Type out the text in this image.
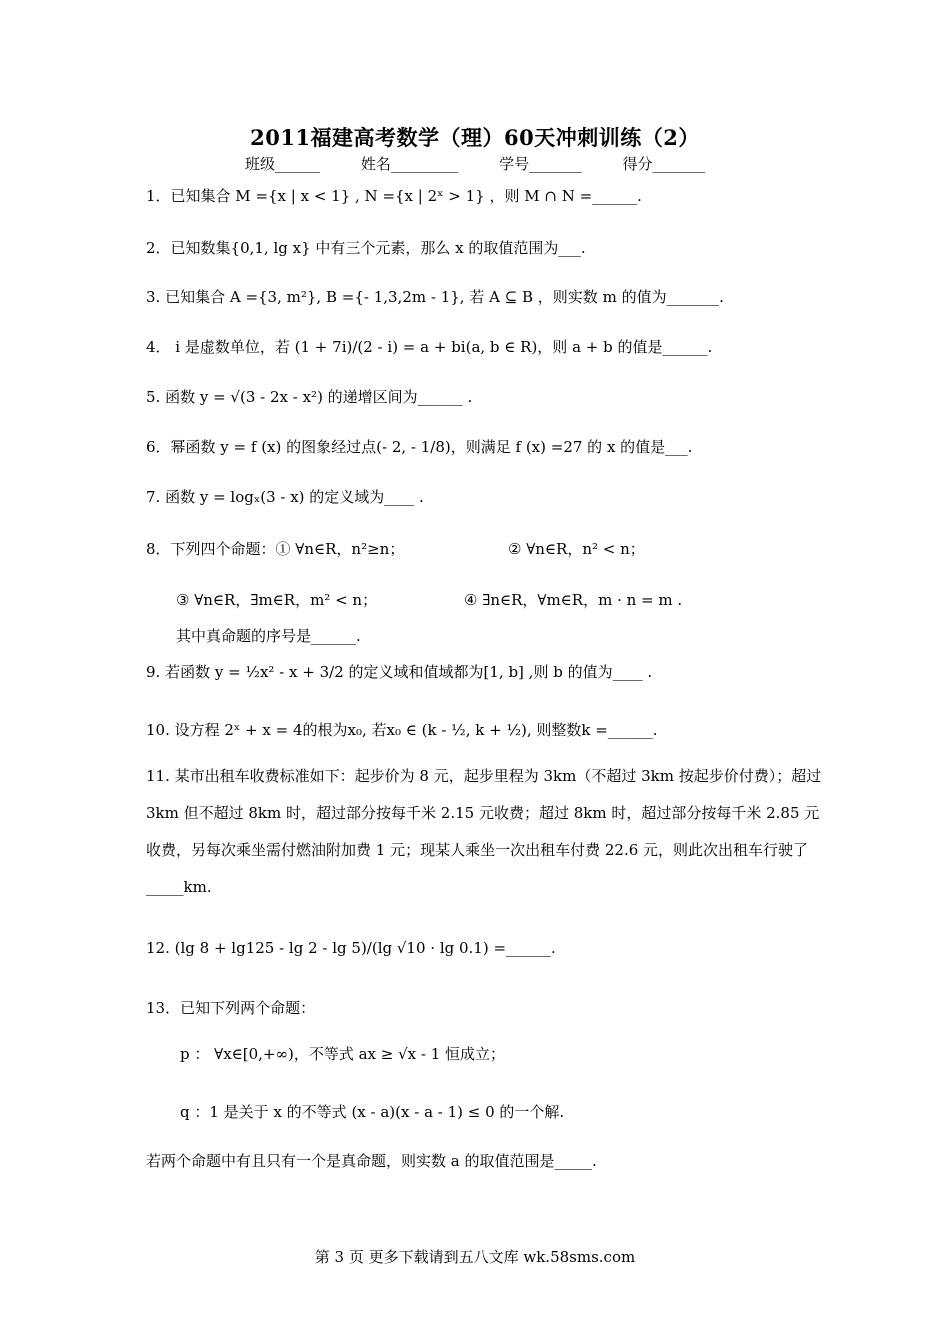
2011福建高考数学（理）60天冲刺训练（2）
班级______	姓名_________	学号_______	得分_______
1．已知集合 M ={x | x < 1} , N ={x | 2ˣ > 1} ，则 M ∩ N =______.
2．已知数集{0,1, lg x} 中有三个元素，那么 x 的取值范围为___.
3. 已知集合 A ={3, m²}, B ={- 1,3,2m - 1}, 若 A ⊆ B ，则实数 m 的值为_______.
4． i 是虚数单位，若 (1 + 7i)/(2 - i) = a + bi(a, b ∈ R)，则 a + b 的值是______.
5. 函数 y = √(3 - 2x - x²) 的递增区间为______ .
6．幂函数 y = f (x) 的图象经过点(- 2, - 1/8)，则满足 f (x) =27 的 x 的值是___.
7. 函数 y = logₓ(3 - x) 的定义域为____ .
8．下列四个命题：① ∀n∈R，n²≥n；	② ∀n∈R，n² < n；
③ ∀n∈R，∃m∈R，m² < n；	④ ∃n∈R，∀m∈R，m · n = m .
其中真命题的序号是______.
9. 若函数 y = ½x² - x + 3/2 的定义域和值域都为[1, b] ,则 b 的值为____ .
10. 设方程 2ˣ + x = 4的根为x₀, 若x₀ ∈ (k - ½, k + ½), 则整数k =______.
11. 某市出租车收费标准如下：起步价为 8 元，起步里程为 3km（不超过 3km 按起步价付费）；超过 3km 但不超过 8km 时，超过部分按每千米 2.15 元收费；超过 8km 时，超过部分按每千米 2.85 元收费，另每次乘坐需付燃油附加费 1 元；现某人乘坐一次出租车付费 22.6 元，则此次出租车行驶了_____km.
12. (lg 8 + lg125 - lg 2 - lg 5)/(lg √10 · lg 0.1) =______.
13．已知下列两个命题：
p ： ∀x∈[0,+∞)，不等式 ax ≥ √x - 1 恒成立；
q ：1 是关于 x 的不等式 (x - a)(x - a - 1) ≤ 0 的一个解.
若两个命题中有且只有一个是真命题，则实数 a 的取值范围是_____.
第 3 页 更多下载请到五八文库 wk.58sms.com
